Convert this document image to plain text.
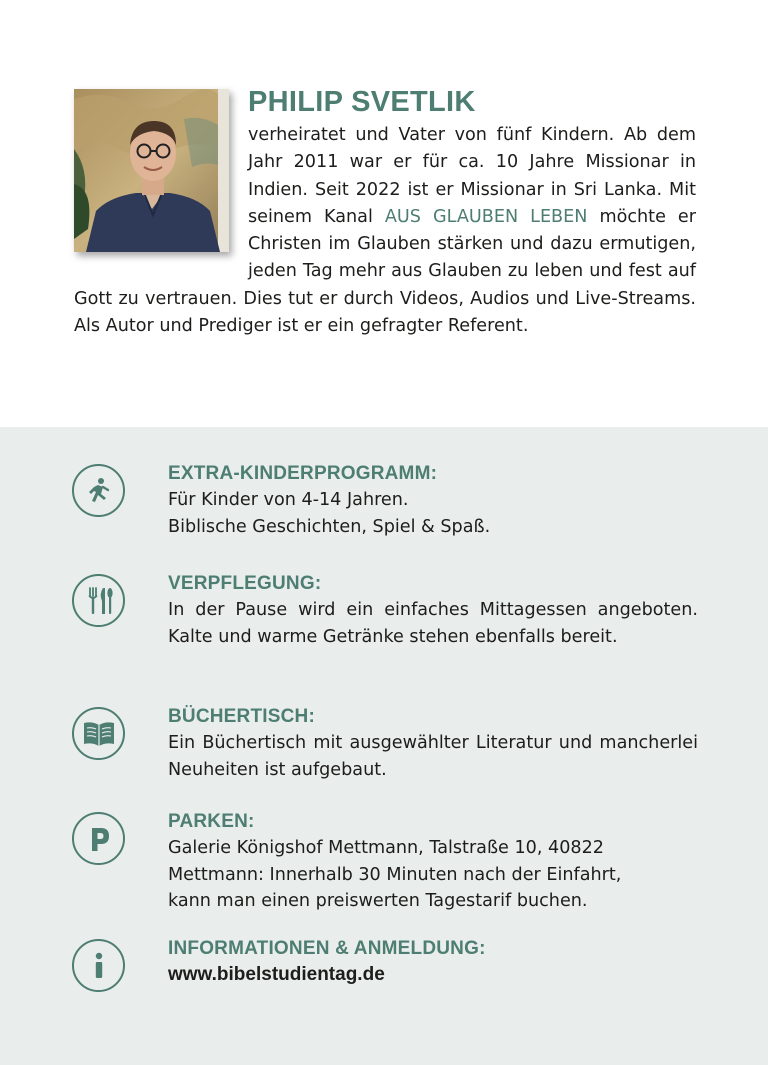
PHILIP SVETLIK
verheiratet und Vater von fünf Kindern. Ab dem Jahr 2011 war er für ca. 10 Jahre Missionar in Indien. Seit 2022 ist er Missionar in Sri Lanka. Mit seinem Kanal AUS GLAUBEN LEBEN möchte er Christen im Glauben stärken und dazu ermutigen, jeden Tag mehr aus Glauben zu leben und fest auf Gott zu vertrauen. Dies tut er durch Videos, Audios und Live-Streams. Als Autor und Prediger ist er ein gefragter Referent.
EXTRA-KINDERPROGRAMM:
Für Kinder von 4-14 Jahren.
Biblische Geschichten, Spiel & Spaß.
VERPFLEGUNG:
In der Pause wird ein einfaches Mittagessen angeboten. Kalte und warme Getränke stehen ebenfalls bereit.
BÜCHERTISCH:
Ein Büchertisch mit ausgewählter Literatur und mancherlei Neuheiten ist aufgebaut.
PARKEN:
Galerie Königshof Mettmann, Talstraße 10, 40822
Mettmann: Innerhalb 30 Minuten nach der Einfahrt,
kann man einen preiswerten Tagestarif buchen.
INFORMATIONEN & ANMELDUNG:
www.bibelstudientag.de
